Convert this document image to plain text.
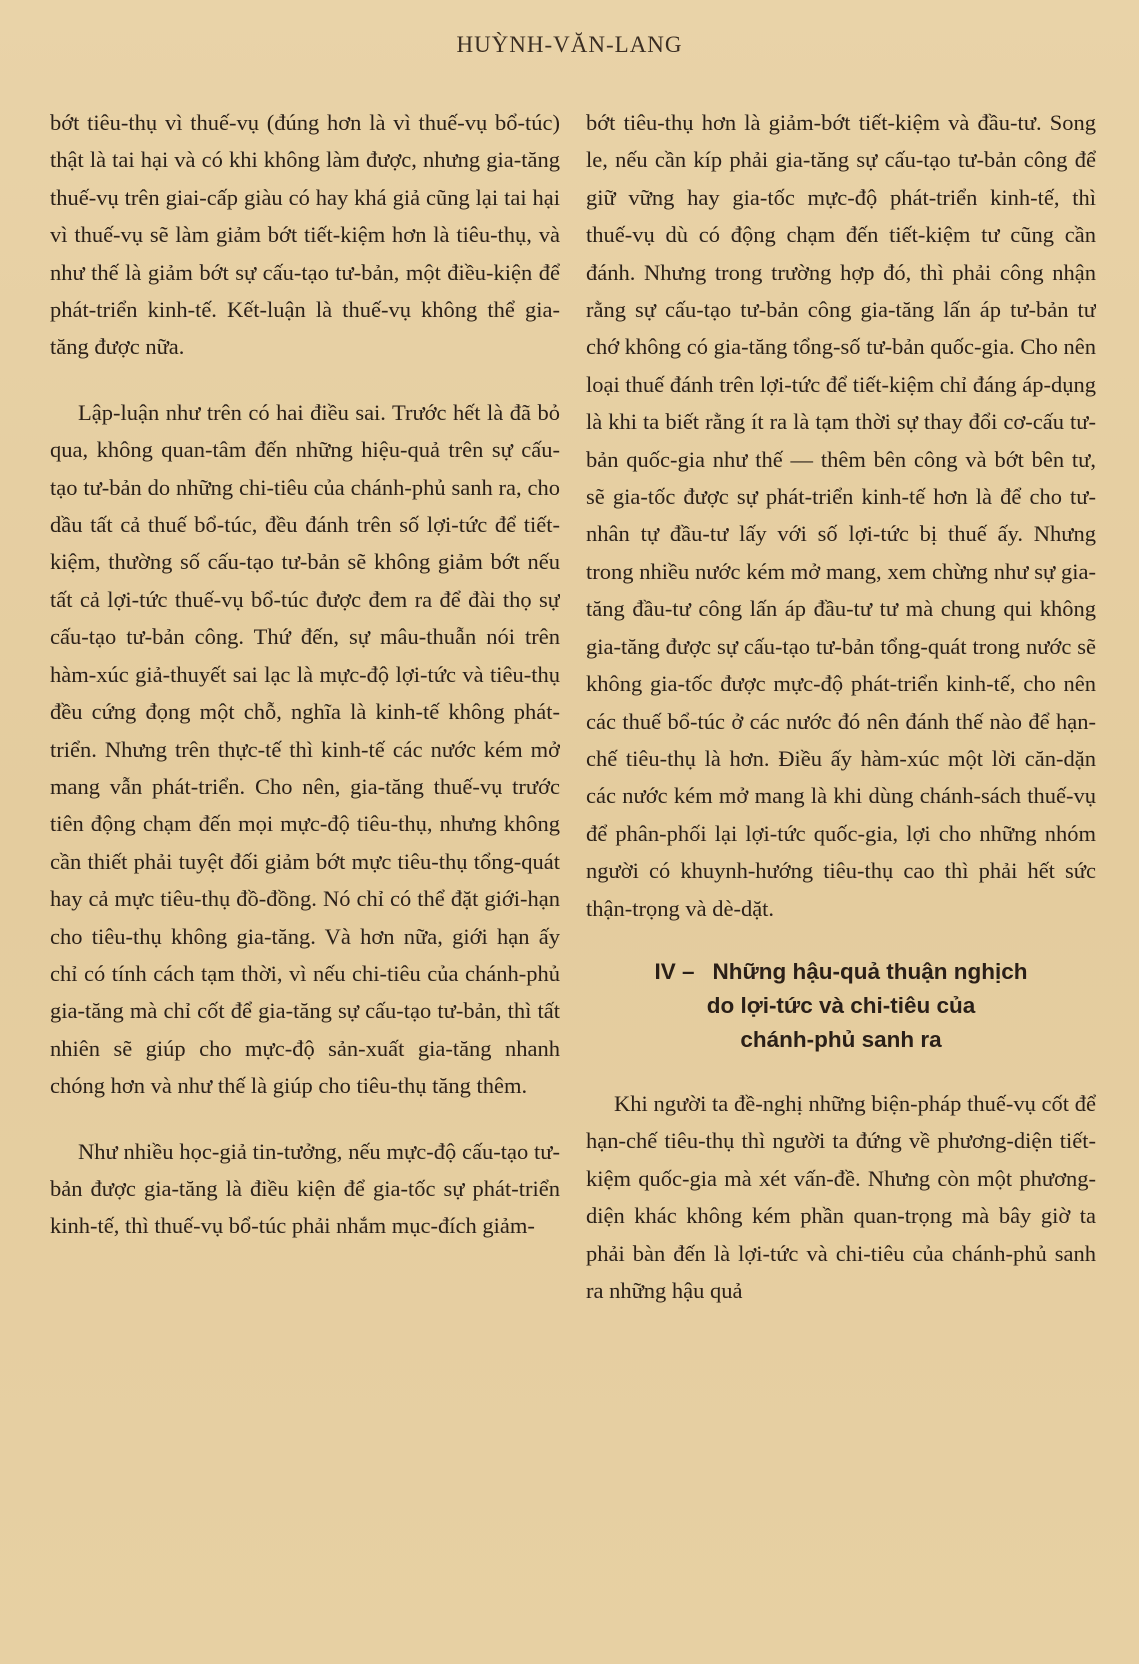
HUỲNH-VĂN-LANG

bớt tiêu-thụ vì thuế-vụ (đúng hơn là vì thuế-vụ bổ-túc) thật là tai hại và có khi không làm được, nhưng gia-tăng thuế-vụ trên giai-cấp giàu có hay khá giả cũng lại tai hại vì thuế-vụ sẽ làm giảm bớt tiết-kiệm hơn là tiêu-thụ, và như thế là giảm bớt sự cấu-tạo tư-bản, một điều-kiện để phát-triển kinh-tế. Kết-luận là thuế-vụ không thể gia-tăng được nữa.

Lập-luận như trên có hai điều sai. Trước hết là đã bỏ qua, không quan-tâm đến những hiệu-quả trên sự cấu-tạo tư-bản do những chi-tiêu của chánh-phủ sanh ra, cho dầu tất cả thuế bổ-túc, đều đánh trên số lợi-tức để tiết-kiệm, thường số cấu-tạo tư-bản sẽ không giảm bớt nếu tất cả lợi-tức thuế-vụ bổ-túc được đem ra để đài thọ sự cấu-tạo tư-bản công. Thứ đến, sự mâu-thuẫn nói trên hàm-xúc giả-thuyết sai lạc là mực-độ lợi-tức và tiêu-thụ đều cứng đọng một chỗ, nghĩa là kinh-tế không phát-triển. Nhưng trên thực-tế thì kinh-tế các nước kém mở mang vẫn phát-triển. Cho nên, gia-tăng thuế-vụ trước tiên động chạm đến mọi mực-độ tiêu-thụ, nhưng không cần thiết phải tuyệt đối giảm bớt mực tiêu-thụ tổng-quát hay cả mực tiêu-thụ đồ-đồng. Nó chỉ có thể đặt giới-hạn cho tiêu-thụ không gia-tăng. Và hơn nữa, giới hạn ấy chỉ có tính cách tạm thời, vì nếu chi-tiêu của chánh-phủ gia-tăng mà chỉ cốt để gia-tăng sự cấu-tạo tư-bản, thì tất nhiên sẽ giúp cho mực-độ sản-xuất gia-tăng nhanh chóng hơn và như thế là giúp cho tiêu-thụ tăng thêm.

Như nhiều học-giả tin-tưởng, nếu mực-độ cấu-tạo tư-bản được gia-tăng là điều kiện để gia-tốc sự phát-triển kinh-tế, thì thuế-vụ bổ-túc phải nhắm mục-đích giảm-

bớt tiêu-thụ hơn là giảm-bớt tiết-kiệm và đầu-tư. Song le, nếu cần kíp phải gia-tăng sự cấu-tạo tư-bản công để giữ vững hay gia-tốc mực-độ phát-triển kinh-tế, thì thuế-vụ dù có động chạm đến tiết-kiệm tư cũng cần đánh. Nhưng trong trường hợp đó, thì phải công nhận rằng sự cấu-tạo tư-bản công gia-tăng lấn áp tư-bản tư chớ không có gia-tăng tổng-số tư-bản quốc-gia. Cho nên loại thuế đánh trên lợi-tức để tiết-kiệm chỉ đáng áp-dụng là khi ta biết rằng ít ra là tạm thời sự thay đổi cơ-cấu tư-bản quốc-gia như thế — thêm bên công và bớt bên tư, sẽ gia-tốc được sự phát-triển kinh-tế hơn là để cho tư-nhân tự đầu-tư lấy với số lợi-tức bị thuế ấy. Nhưng trong nhiều nước kém mở mang, xem chừng như sự gia-tăng đầu-tư công lấn áp đầu-tư tư mà chung qui không gia-tăng được sự cấu-tạo tư-bản tổng-quát trong nước sẽ không gia-tốc được mực-độ phát-triển kinh-tế, cho nên các thuế bổ-túc ở các nước đó nên đánh thế nào để hạn-chế tiêu-thụ là hơn. Điều ấy hàm-xúc một lời căn-dặn các nước kém mở mang là khi dùng chánh-sách thuế-vụ để phân-phối lại lợi-tức quốc-gia, lợi cho những nhóm người có khuynh-hướng tiêu-thụ cao thì phải hết sức thận-trọng và dè-dặt.

IV – Những hậu-quả thuận nghịch

do lợi-tức và chi-tiêu của

chánh-phủ sanh ra

Khi người ta đề-nghị những biện-pháp thuế-vụ cốt để hạn-chế tiêu-thụ thì người ta đứng về phương-diện tiết-kiệm quốc-gia mà xét vấn-đề. Nhưng còn một phương-diện khác không kém phần quan-trọng mà bây giờ ta phải bàn đến là lợi-tức và chi-tiêu của chánh-phủ sanh ra những hậu quả
